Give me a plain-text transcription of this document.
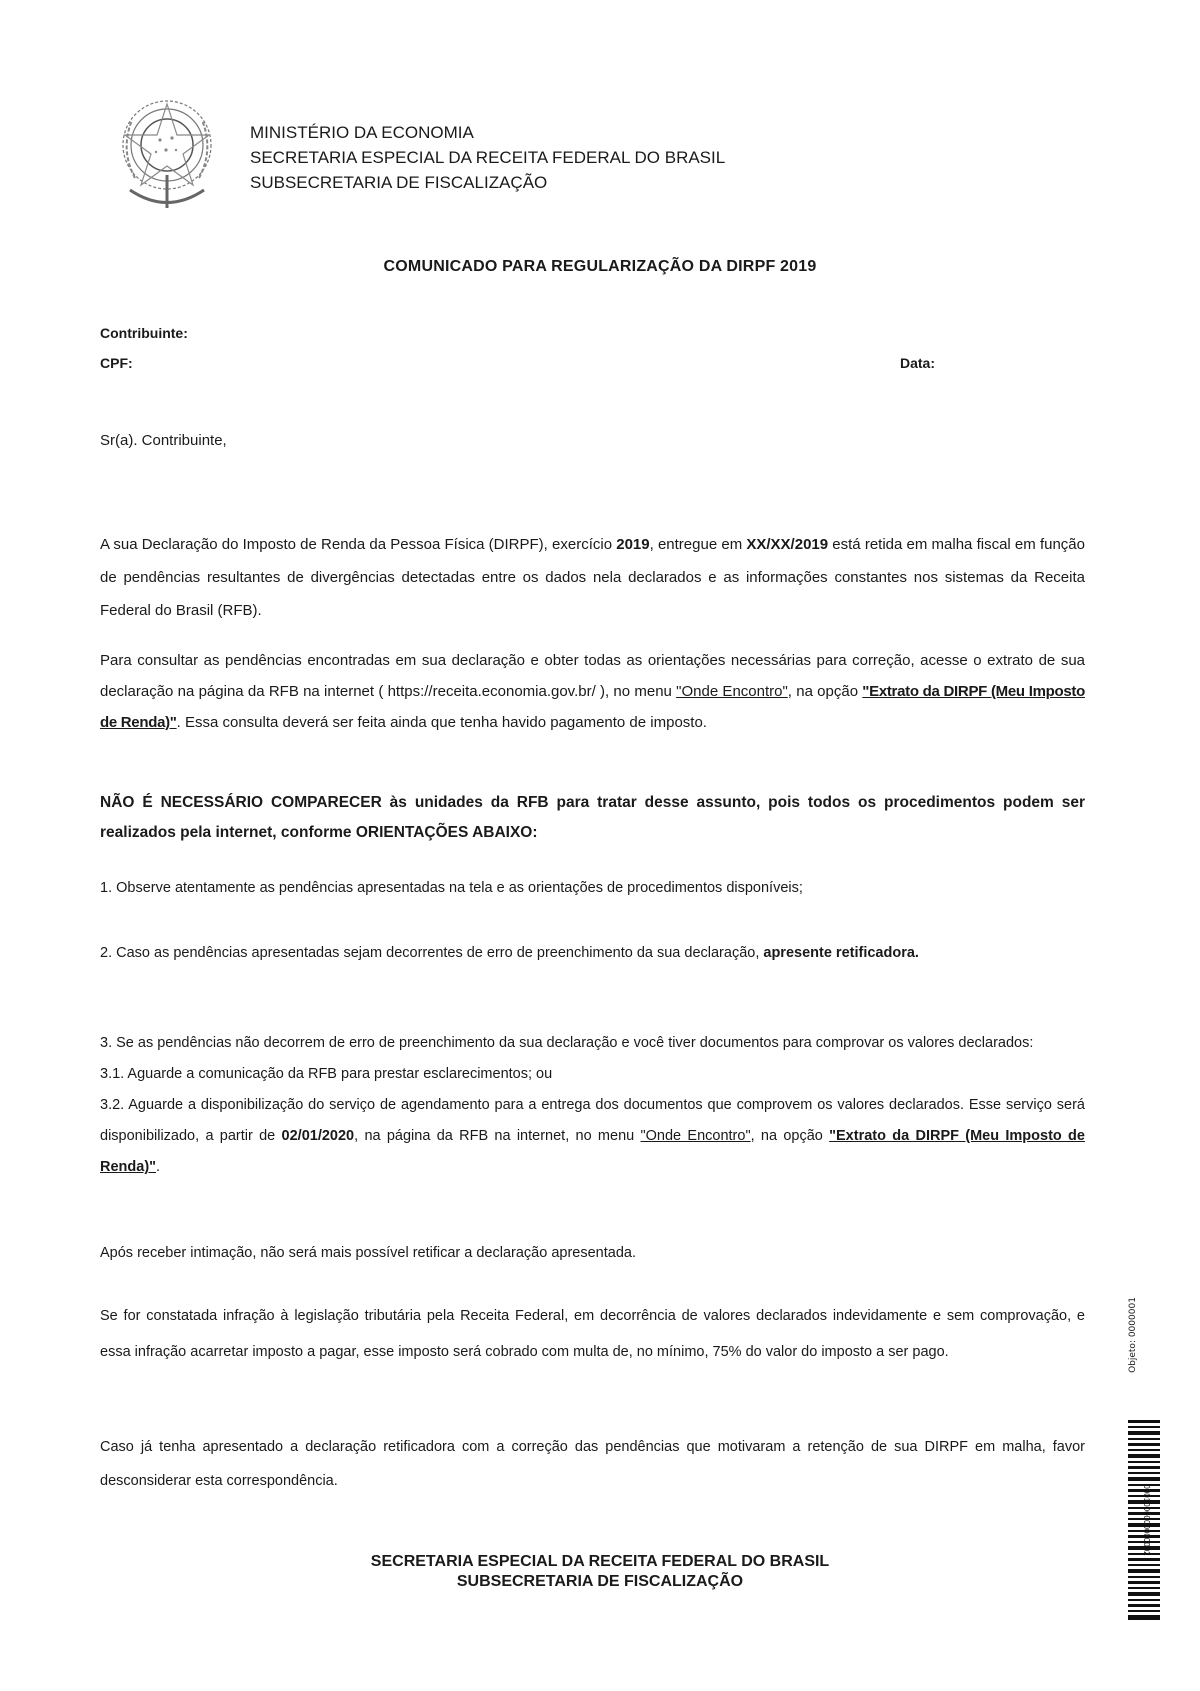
MINISTÉRIO DA ECONOMIA
SECRETARIA ESPECIAL DA RECEITA FEDERAL DO BRASIL
SUBSECRETARIA DE FISCALIZAÇÃO
COMUNICADO PARA REGULARIZAÇÃO DA DIRPF 2019
Contribuinte:
CPF:	Data:
Sr(a). Contribuinte,
A sua Declaração do Imposto de Renda da Pessoa Física (DIRPF), exercício 2019, entregue em XX/XX/2019 está retida em malha fiscal em função de pendências resultantes de divergências detectadas entre os dados nela declarados e as informações constantes nos sistemas da Receita Federal do Brasil (RFB).
Para consultar as pendências encontradas em sua declaração e obter todas as orientações necessárias para correção, acesse o extrato de sua declaração na página da RFB na internet ( https://receita.economia.gov.br/ ), no menu "Onde Encontro", na opção "Extrato da DIRPF (Meu Imposto de Renda)". Essa consulta deverá ser feita ainda que tenha havido pagamento de imposto.
NÃO É NECESSÁRIO COMPARECER às unidades da RFB para tratar desse assunto, pois todos os procedimentos podem ser realizados pela internet, conforme ORIENTAÇÕES ABAIXO:
1. Observe atentamente as pendências apresentadas na tela e as orientações de procedimentos disponíveis;
2. Caso as pendências apresentadas sejam decorrentes de erro de preenchimento da sua declaração, apresente retificadora.
3. Se as pendências não decorrem de erro de preenchimento da sua declaração e você tiver documentos para comprovar os valores declarados:
3.1. Aguarde a comunicação da RFB para prestar esclarecimentos; ou
3.2. Aguarde a disponibilização do serviço de agendamento para a entrega dos documentos que comprovem os valores declarados. Esse serviço será disponibilizado, a partir de 02/01/2020, na página da RFB na internet, no menu "Onde Encontro", na opção "Extrato da DIRPF (Meu Imposto de Renda)".
Após receber intimação, não será mais possível retificar a declaração apresentada.
Se for constatada infração à legislação tributária pela Receita Federal, em decorrência de valores declarados indevidamente e sem comprovação, e essa infração acarretar imposto a pagar, esse imposto será cobrado com multa de, no mínimo, 75% do valor do imposto a ser pago.
Caso já tenha apresentado a declaração retificadora com a correção das pendências que motivaram a retenção de sua DIRPF em malha, favor desconsiderar esta correspondência.
SECRETARIA ESPECIAL DA RECEITA FEDERAL DO BRASIL
SUBSECRETARIA DE FISCALIZAÇÃO
Objeto: 0000001
0001000000000002
